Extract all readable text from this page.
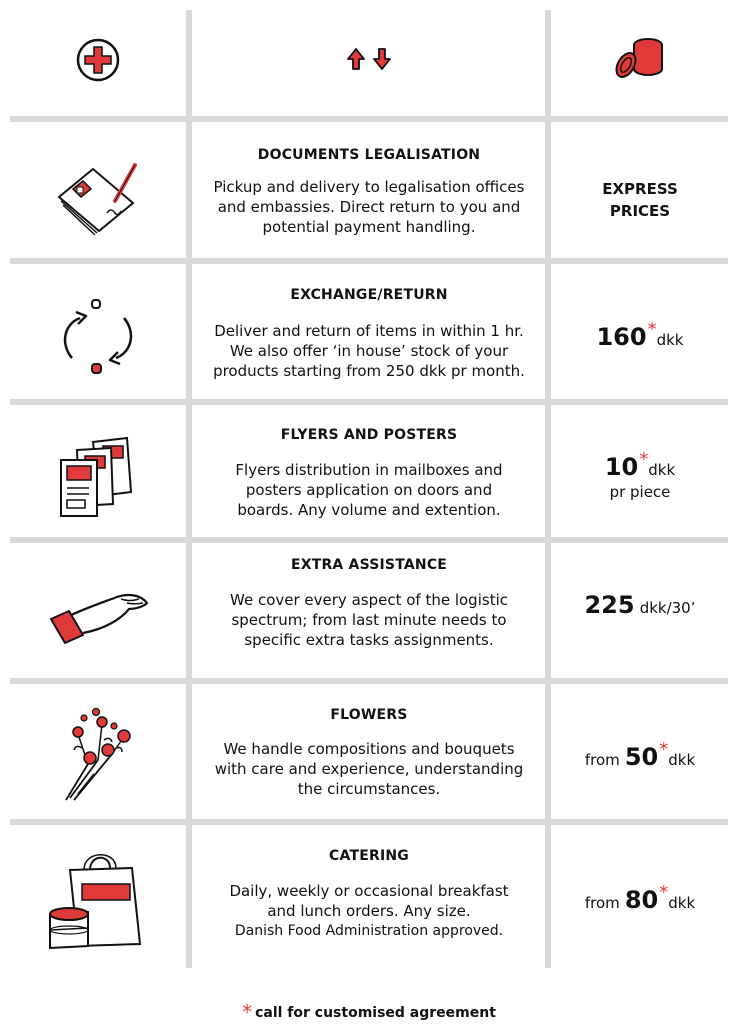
DOCUMENTS LEGALISATION
Pickup and delivery to legalisation offices
and embassies. Direct return to you and
potential payment handling.
EXPRESS
PRICES
EXCHANGE/RETURN
Deliver and return of items in within 1 hr.
We also offer ‘in house’ stock of your
products starting from 250 dkk pr month.
160*dkk
FLYERS AND POSTERS
Flyers distribution in mailboxes and
posters application on doors and
boards. Any volume and extention.
10*dkk
pr piece
EXTRA ASSISTANCE
We cover every aspect of the logistic
spectrum; from last minute needs to
specific extra tasks assignments.
225 dkk/30’
FLOWERS
We handle compositions and bouquets
with care and experience, understanding
the circumstances.
from 50*dkk
CATERING
Daily, weekly or occasional breakfast
and lunch orders. Any size.
Danish Food Administration approved.
from 80*dkk
* call for customised agreement
